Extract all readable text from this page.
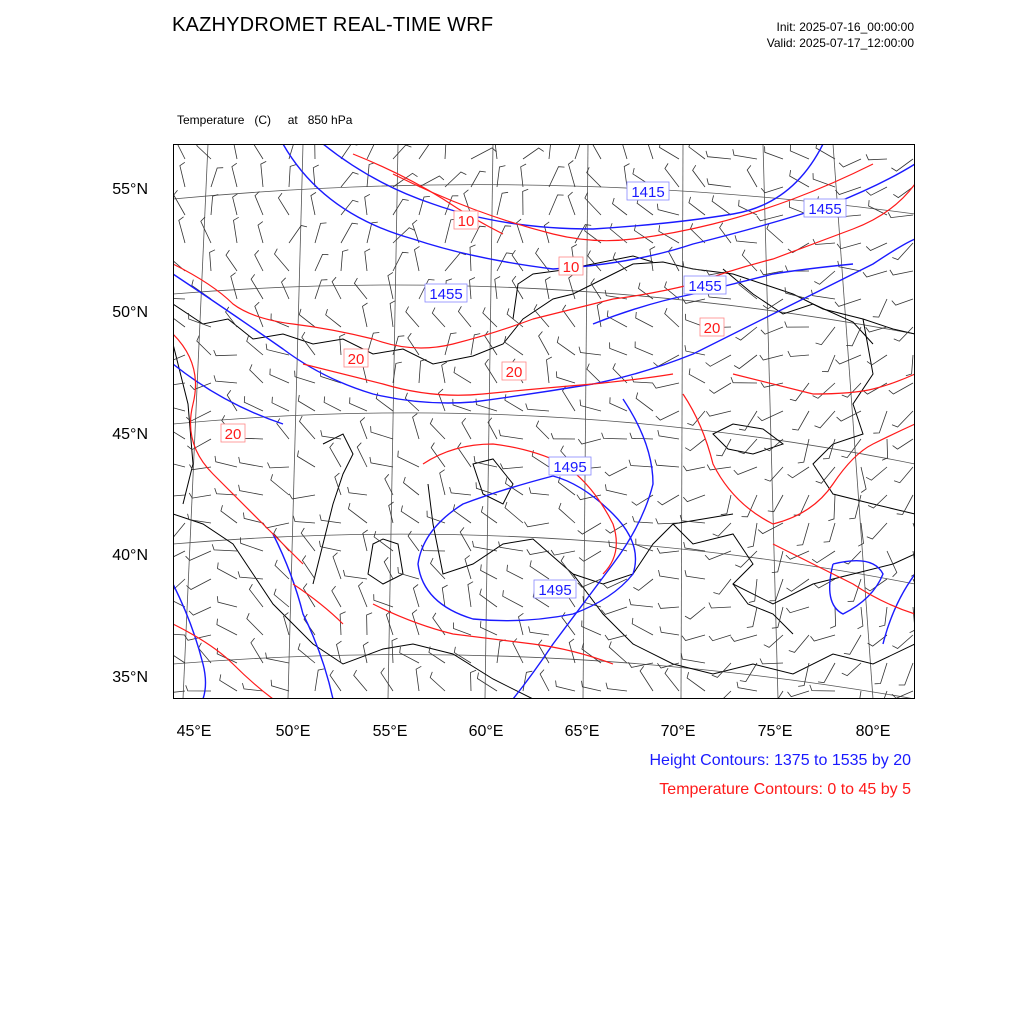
KAZHYDROMET REAL-TIME WRF	Init: 2025-07-16_00:00:00
Valid: 2025-07-17_12:00:00

Temperature   (C)     at   850 hPa

55°N
50°N
45°N
40°N
35°N
45°E	50°E	55°E	60°E	65°E	70°E	75°E	80°E
1415
1455
1455
1455
1495
1495
10
10
20
20
20
20
Height Contours: 1375 to 1535 by 20
Temperature Contours: 0 to 45 by 5
